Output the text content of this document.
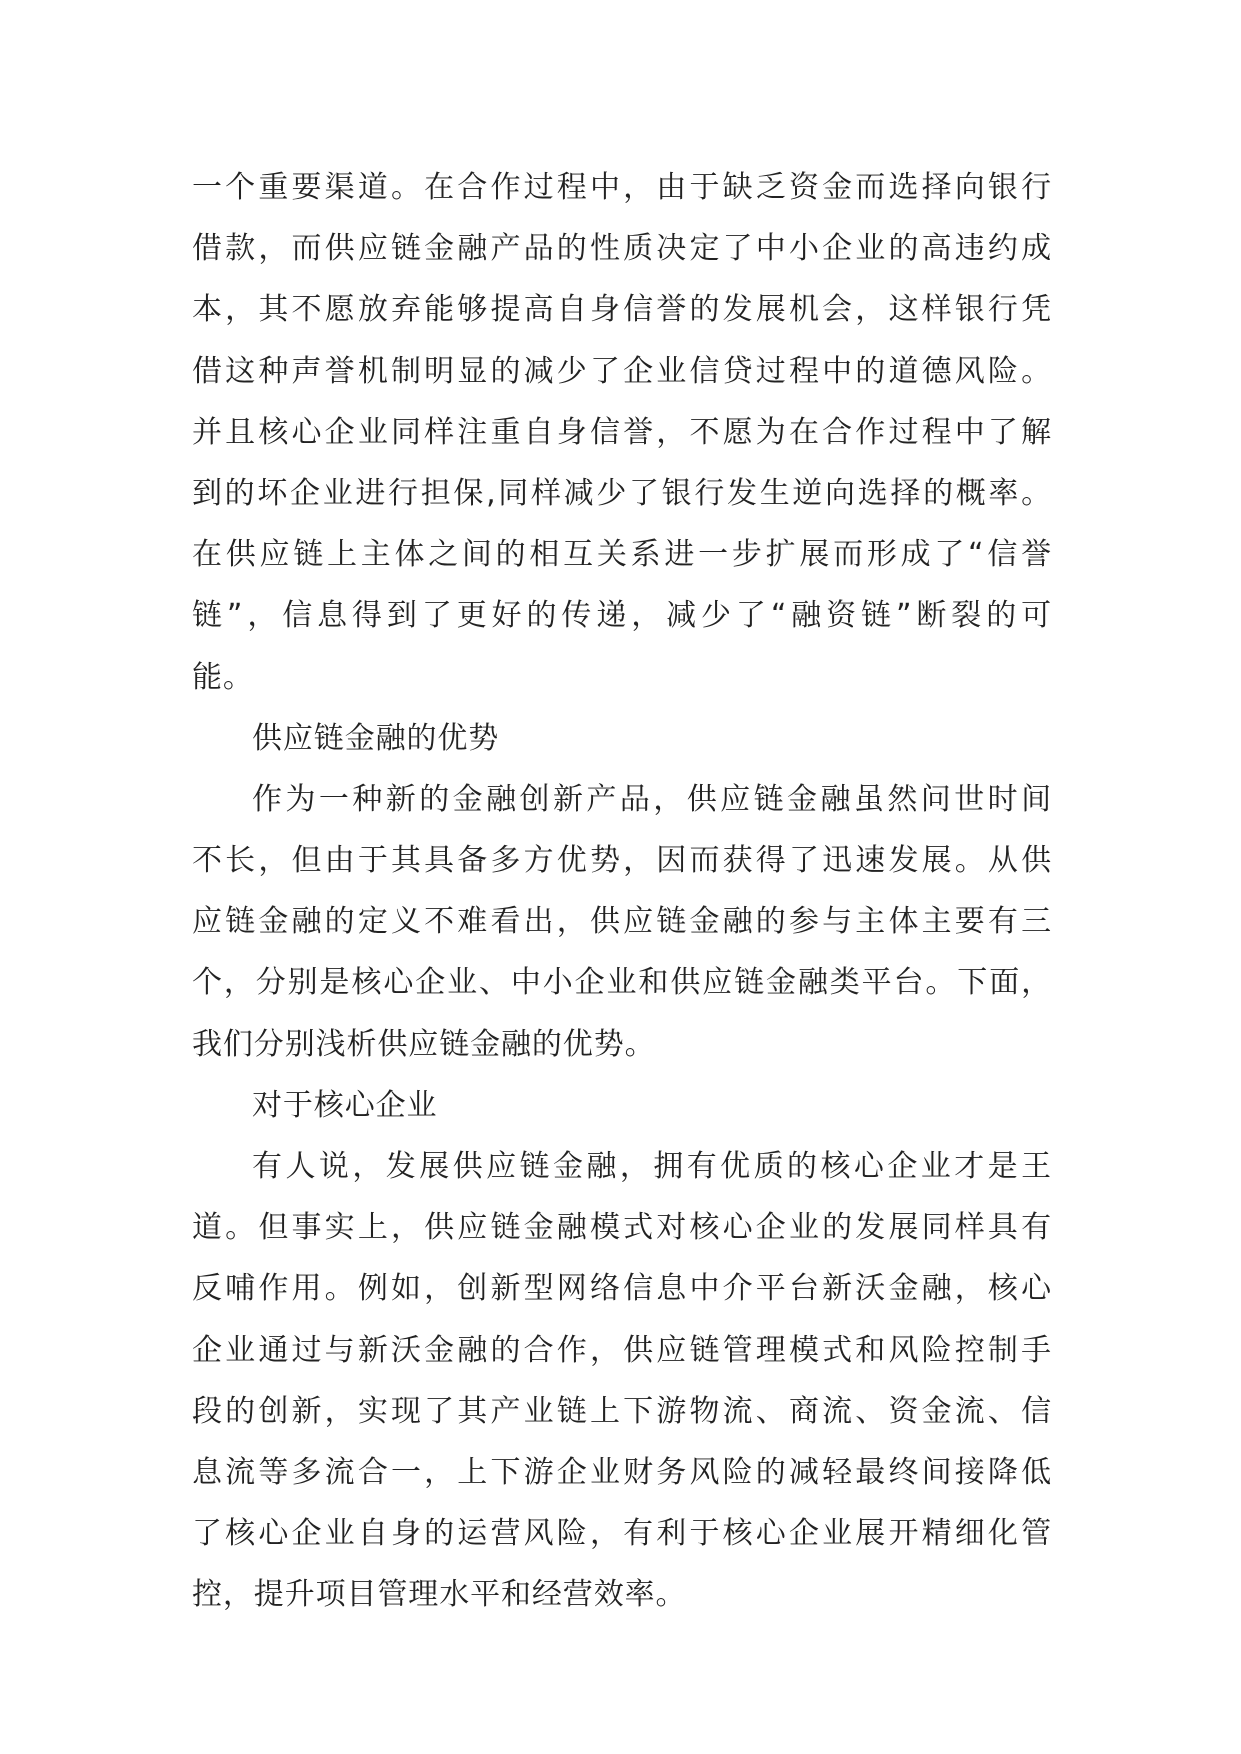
一个重要渠道。在合作过程中，由于缺乏资金而选择向银行
借款，而供应链金融产品的性质决定了中小企业的高违约成
本，其不愿放弃能够提高自身信誉的发展机会，这样银行凭
借这种声誉机制明显的减少了企业信贷过程中的道德风险。
并且核心企业同样注重自身信誉，不愿为在合作过程中了解
到的坏企业进行担保,同样减少了银行发生逆向选择的概率。
在供应链上主体之间的相互关系进一步扩展而形成了“信誉
链”，信息得到了更好的传递，减少了“融资链”断裂的可
能。
供应链金融的优势
作为一种新的金融创新产品，供应链金融虽然问世时间
不长，但由于其具备多方优势，因而获得了迅速发展。从供
应链金融的定义不难看出，供应链金融的参与主体主要有三
个，分别是核心企业、中小企业和供应链金融类平台。下面，
我们分别浅析供应链金融的优势。
对于核心企业
有人说，发展供应链金融，拥有优质的核心企业才是王
道。但事实上，供应链金融模式对核心企业的发展同样具有
反哺作用。例如，创新型网络信息中介平台新沃金融，核心
企业通过与新沃金融的合作，供应链管理模式和风险控制手
段的创新，实现了其产业链上下游物流、商流、资金流、信
息流等多流合一，上下游企业财务风险的减轻最终间接降低
了核心企业自身的运营风险，有利于核心企业展开精细化管
控，提升项目管理水平和经营效率。
